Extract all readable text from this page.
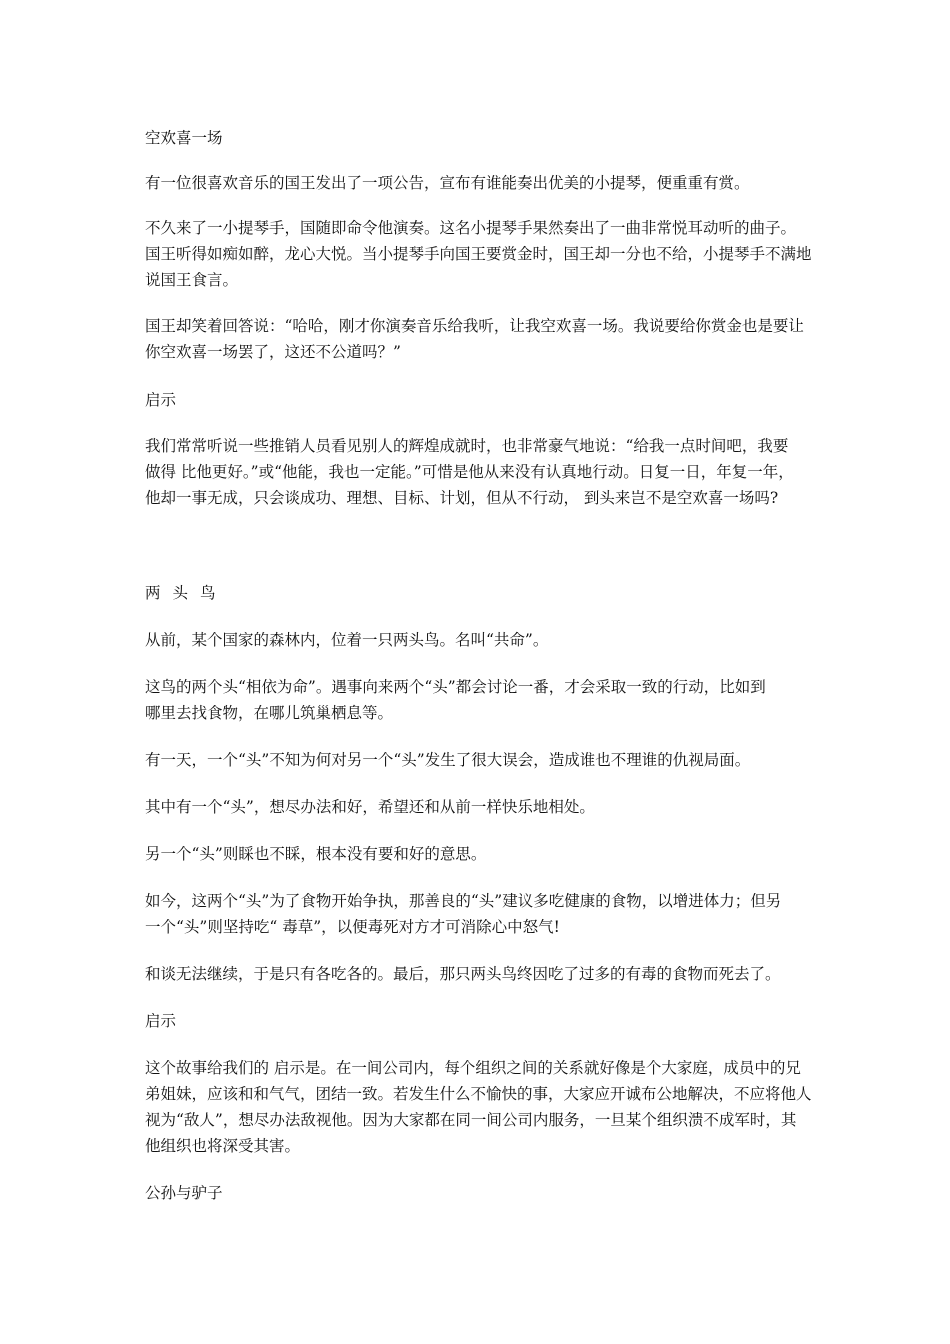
空欢喜一场
有一位很喜欢音乐的国王发出了一项公告，宣布有谁能奏出优美的小提琴，便重重有赏。
不久来了一小提琴手，国随即命令他演奏。这名小提琴手果然奏出了一曲非常悦耳动听的曲子。
国王听得如痴如醉，龙心大悦。当小提琴手向国王要赏金时，国王却一分也不给，小提琴手不满地
说国王食言。
国王却笑着回答说：“哈哈，刚才你演奏音乐给我听，让我空欢喜一场。我说要给你赏金也是要让
你空欢喜一场罢了，这还不公道吗？”
启示
我们常常听说一些推销人员看见别人的辉煌成就时，也非常豪气地说：“给我一点时间吧，我要
做得 比他更好。”或“他能，我也一定能。”可惜是他从来没有认真地行动。日复一日，年复一年，
他却一事无成，只会谈成功、理想、目标、计划，但从不行动， 到头来岂不是空欢喜一场吗?
两头鸟
从前，某个国家的森林内，位着一只两头鸟。名叫“共命”。
这鸟的两个头“相依为命”。遇事向来两个“头”都会讨论一番，才会采取一致的行动，比如到
哪里去找食物，在哪儿筑巢栖息等。
有一天，一个“头”不知为何对另一个“头”发生了很大误会，造成谁也不理谁的仇视局面。
其中有一个“头”，想尽办法和好，希望还和从前一样快乐地相处。
另一个“头”则睬也不睬，根本没有要和好的意思。
如今，这两个“头”为了食物开始争执，那善良的“头”建议多吃健康的食物，以增进体力；但另
一个“头”则坚持吃“ 毒草”，以便毒死对方才可消除心中怒气!
和谈无法继续，于是只有各吃各的。最后，那只两头鸟终因吃了过多的有毒的食物而死去了。
启示
这个故事给我们的 启示是。在一间公司内，每个组织之间的关系就好像是个大家庭，成员中的兄
弟姐妹，应该和和气气，团结一致。若发生什么不愉快的事，大家应开诚布公地解决，不应将他人
视为“敌人”，想尽办法敌视他。因为大家都在同一间公司内服务，一旦某个组织溃不成军时，其
他组织也将深受其害。
公孙与驴子
